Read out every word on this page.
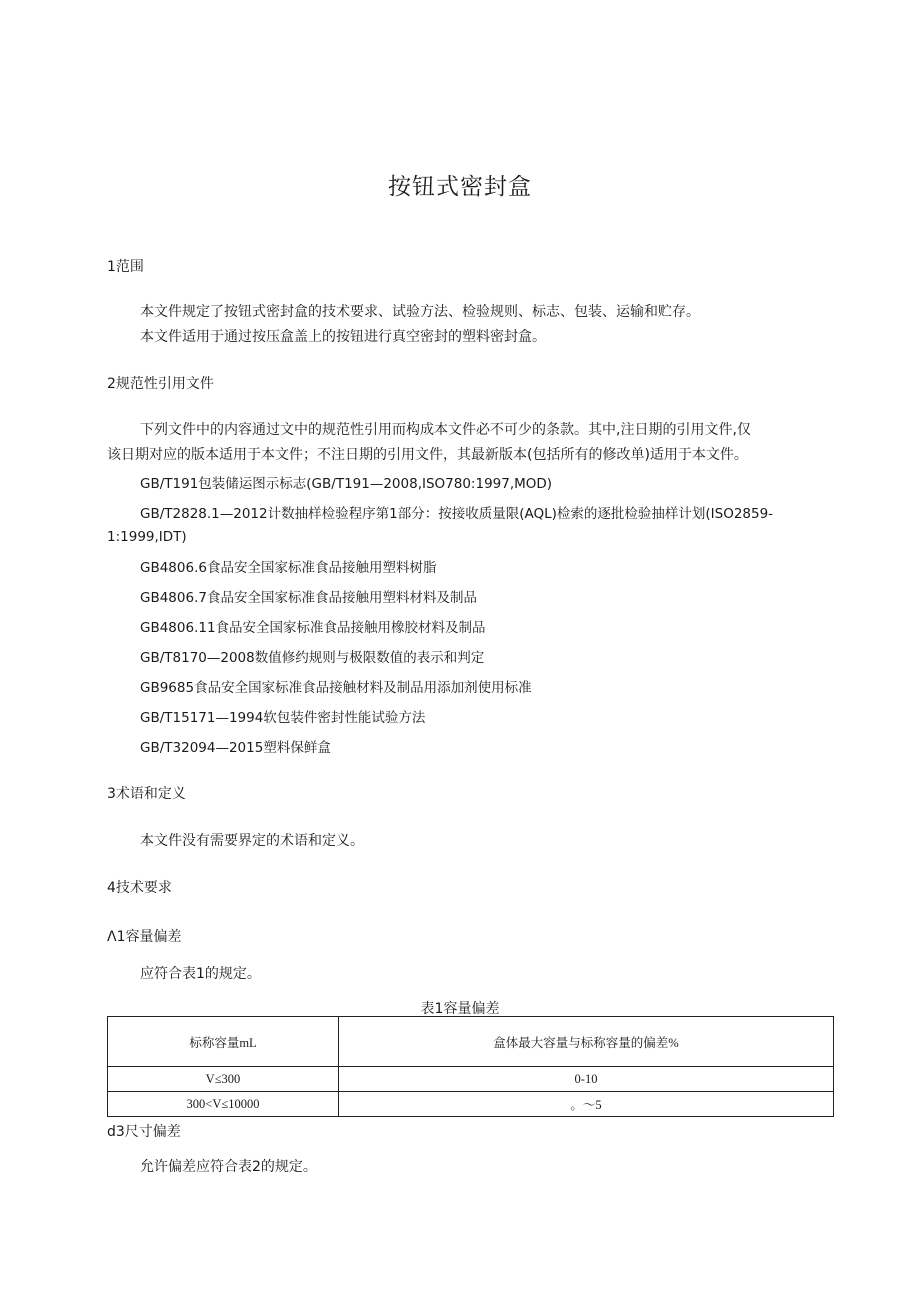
按钮式密封盒
1范围
本文件规定了按钮式密封盒的技术要求、试验方法、检验规则、标志、包装、运输和贮存。
本文件适用于通过按压盒盖上的按钮进行真空密封的塑料密封盒。
2规范性引用文件
下列文件中的内容通过文中的规范性引用而构成本文件必不可少的条款。其中,注日期的引用文件,仅
该日期对应的版本适用于本文件；不注日期的引用文件，其最新版本(包括所有的修改单)适用于本文件。
GB/T191包装储运图示标志(GB/T191—2008,ISO780:1997,MOD)
GB/T2828.1—2012计数抽样检验程序第1部分：按接收质量限(AQL)检索的逐批检验抽样计划(ISO2859-
1:1999,IDT)
GB4806.6食品安全国家标准食品接触用塑料树脂
GB4806.7食品安全国家标准食品接触用塑料材料及制品
GB4806.11食品安全国家标准食品接触用橡胶材料及制品
GB/T8170—2008数值修约规则与极限数值的表示和判定
GB9685食品安全国家标准食品接触材料及制品用添加剂使用标准
GB/T15171—1994软包装件密封性能试验方法
GB/T32094—2015塑料保鲜盒
3术语和定义
本文件没有需要界定的术语和定义。
4技术要求
Λ1容量偏差
应符合表1的规定。
表1容量偏差
标称容量mL	盒体最大容量与标称容量的偏差%
V≤300	0-10
300<V≤10000	。〜5
d3尺寸偏差
允许偏差应符合表2的规定。
